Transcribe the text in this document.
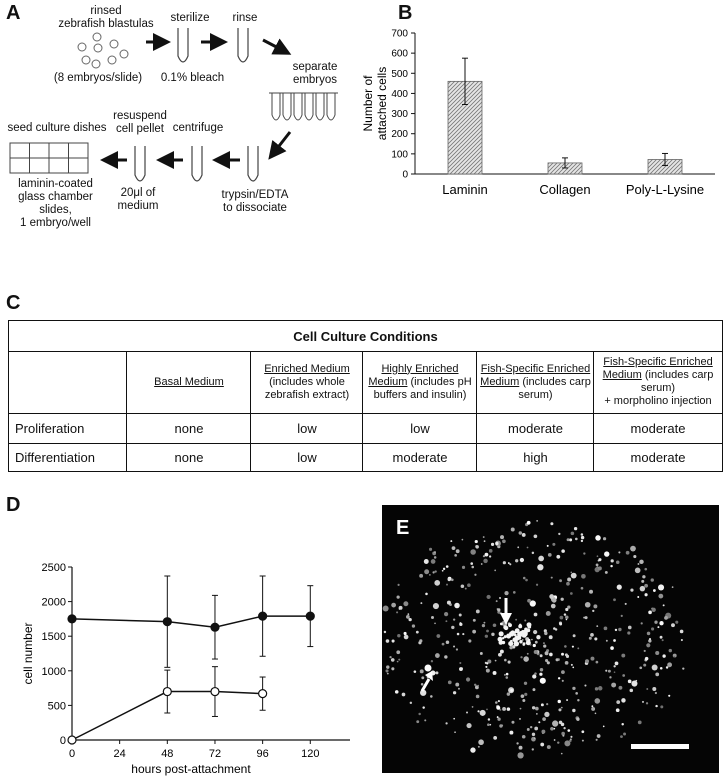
A	B
C
D
rinsed
zebrafish blastulas
(8 embryos/slide)
sterilize
0.1% bleach
rinse
separate
embryos
trypsin/EDTA
to dissociate
centrifuge
resuspend
cell pellet
20μl of
medium
seed culture dishes
laminin-coated
glass chamber
slides,
1 embryo/well
0
100
200
300
400
500
600
700
Number ofattached cells
Laminin	Collagen	Poly-L-Lysine
Cell Culture Conditions
Basal Medium
Enriched Medium
(includes whole zebrafish extract)
Highly Enriched Medium (includes pH buffers and insulin)
Fish-Specific Enriched Medium (includes carp serum)
Fish-Specific Enriched Medium (includes carp serum)
+ morpholino injection
Proliferation	none	low	low	moderate	moderate
Differentiation	none	low	moderate	high	moderate
0
500
1000
1500
2000
2500
0	24	48	72	96	120
cell number
hours post-attachment
E
